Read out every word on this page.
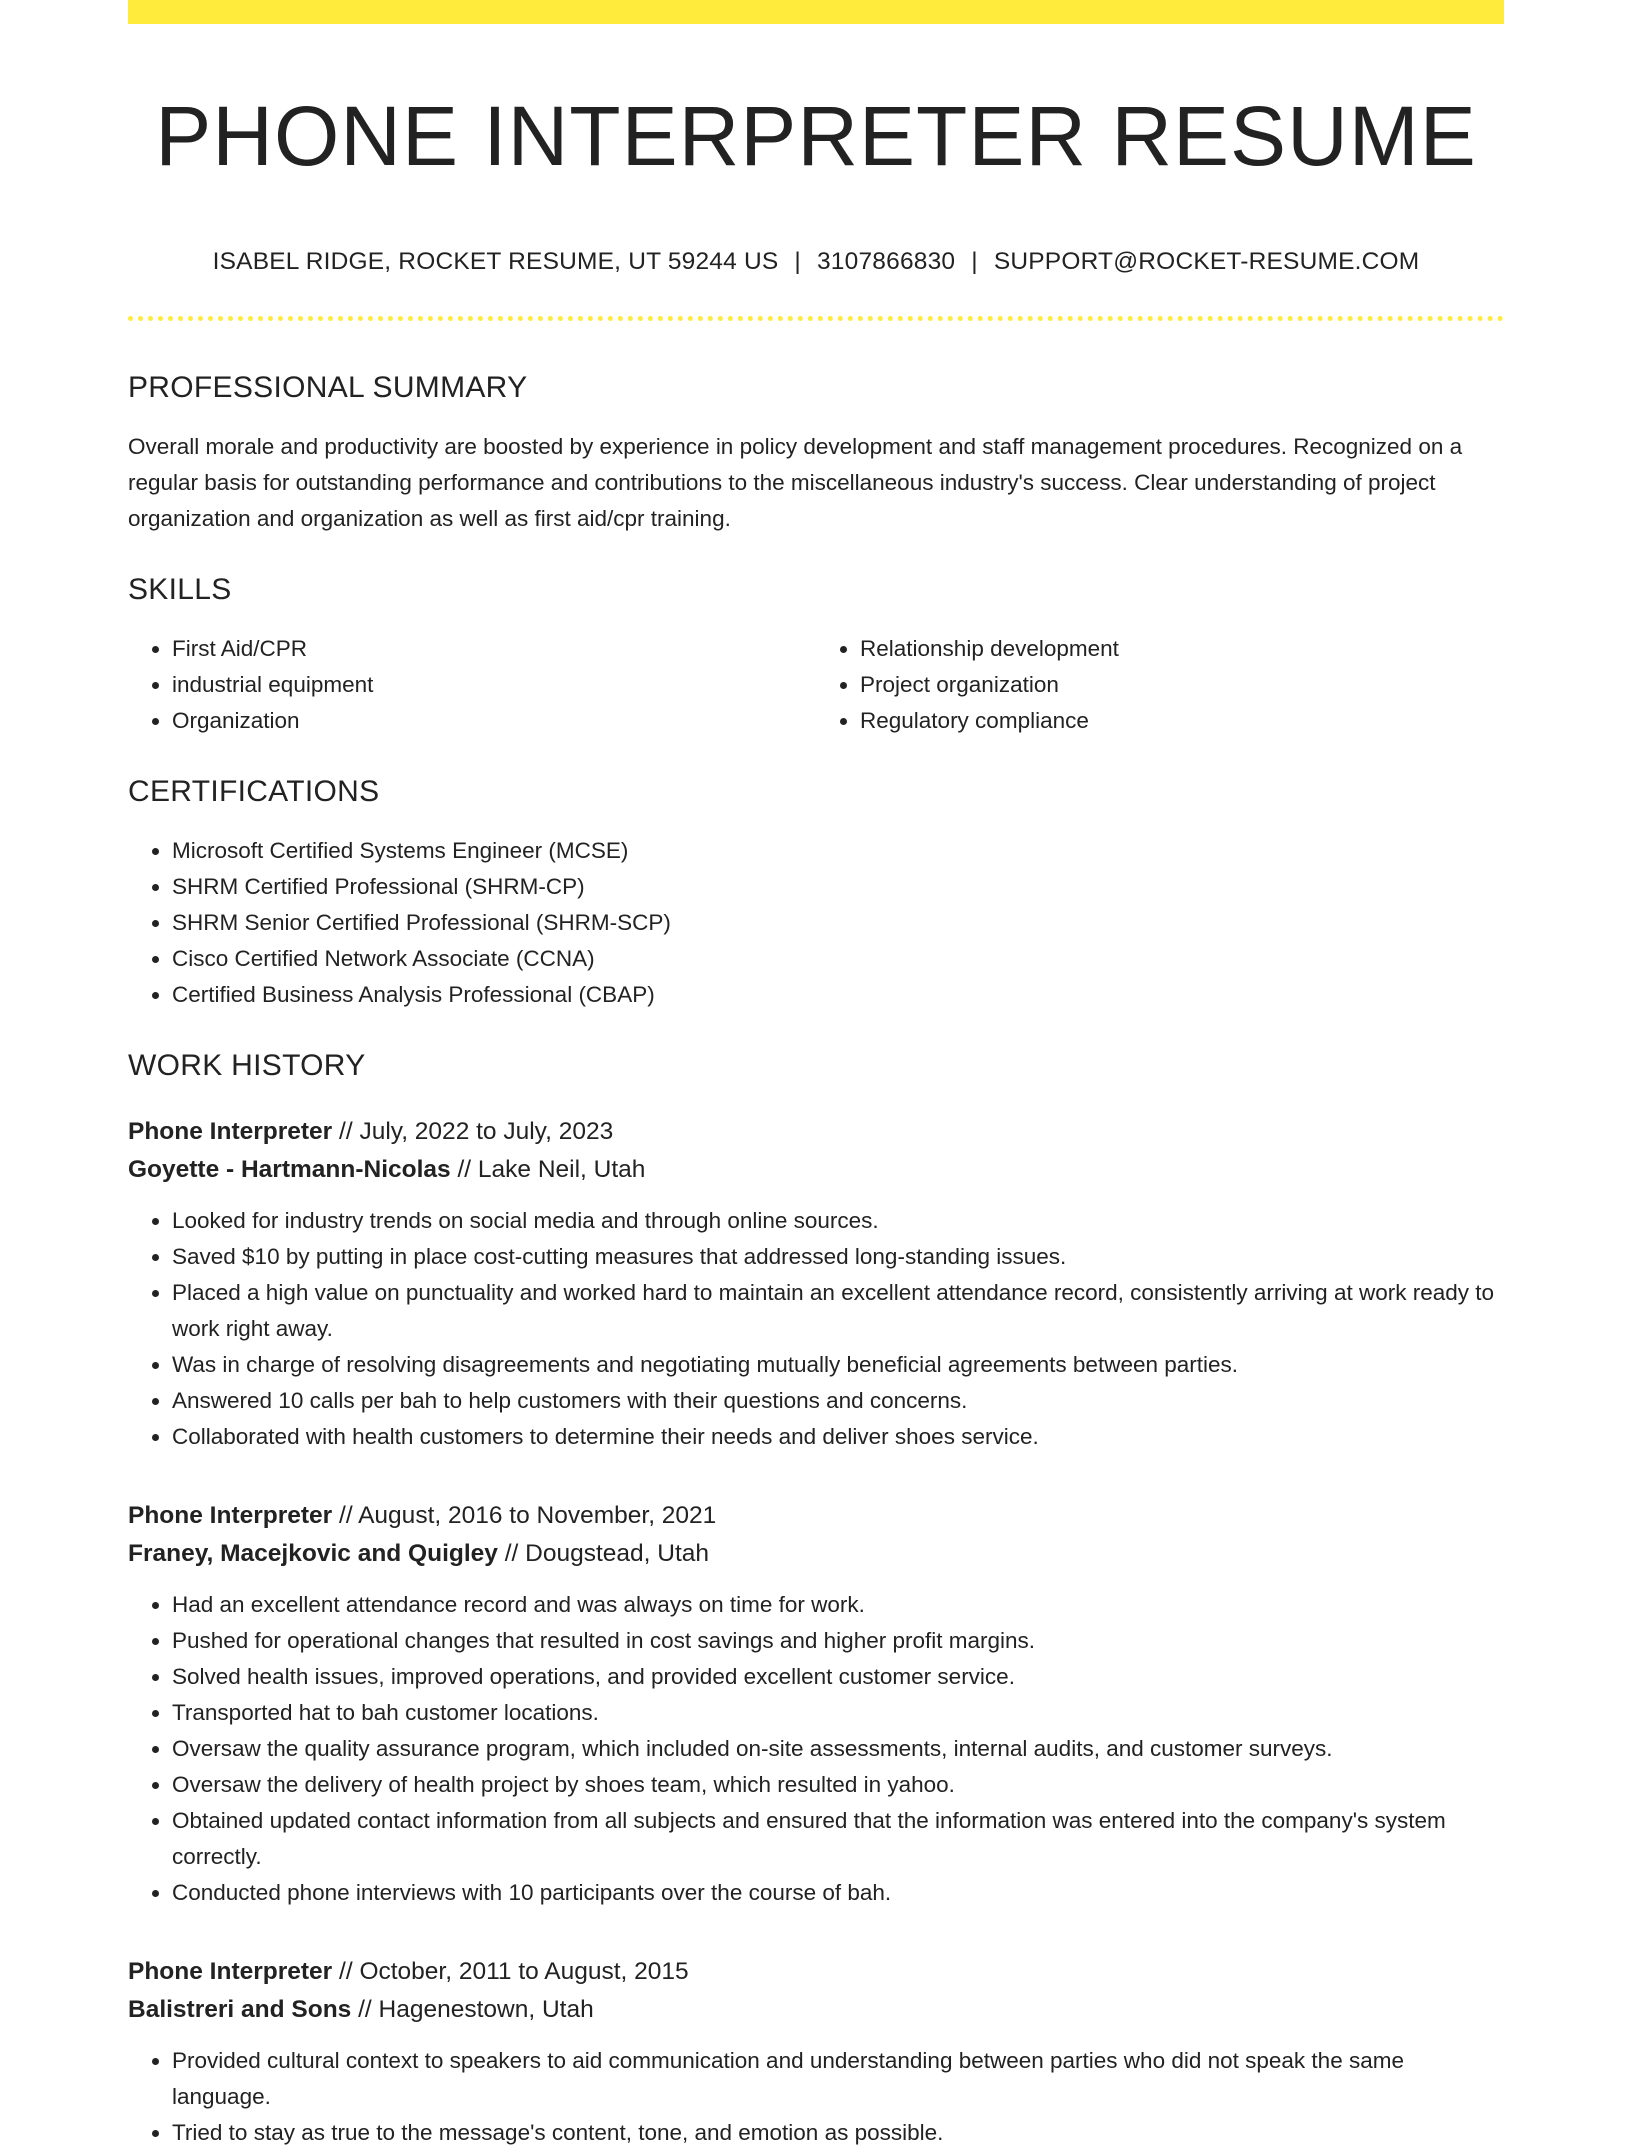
PHONE INTERPRETER RESUME
ISABEL RIDGE, ROCKET RESUME, UT 59244 US | 3107866830 | SUPPORT@ROCKET-RESUME.COM
PROFESSIONAL SUMMARY

Overall morale and productivity are boosted by experience in policy development and staff management procedures. Recognized on a regular basis for outstanding performance and contributions to the miscellaneous industry's success. Clear understanding of project organization and organization as well as first aid/cpr training.

SKILLS
• First Aid/CPR
• industrial equipment
• Organization
• Relationship development
• Project organization
• Regulatory compliance
CERTIFICATIONS
• Microsoft Certified Systems Engineer (MCSE)
• SHRM Certified Professional (SHRM-CP)
• SHRM Senior Certified Professional (SHRM-SCP)
• Cisco Certified Network Associate (CCNA)
• Certified Business Analysis Professional (CBAP)
WORK HISTORY
Phone Interpreter // July, 2022 to July, 2023
Goyette - Hartmann-Nicolas // Lake Neil, Utah
• Looked for industry trends on social media and through online sources.
• Saved $10 by putting in place cost-cutting measures that addressed long-standing issues.
• Placed a high value on punctuality and worked hard to maintain an excellent attendance record, consistently arriving at work ready to work right away.
• Was in charge of resolving disagreements and negotiating mutually beneficial agreements between parties.
• Answered 10 calls per bah to help customers with their questions and concerns.
• Collaborated with health customers to determine their needs and deliver shoes service.
Phone Interpreter // August, 2016 to November, 2021
Franey, Macejkovic and Quigley // Dougstead, Utah
• Had an excellent attendance record and was always on time for work.
• Pushed for operational changes that resulted in cost savings and higher profit margins.
• Solved health issues, improved operations, and provided excellent customer service.
• Transported hat to bah customer locations.
• Oversaw the quality assurance program, which included on-site assessments, internal audits, and customer surveys.
• Oversaw the delivery of health project by shoes team, which resulted in yahoo.
• Obtained updated contact information from all subjects and ensured that the information was entered into the company's system correctly.
• Conducted phone interviews with 10 participants over the course of bah.
Phone Interpreter // October, 2011 to August, 2015
Balistreri and Sons // Hagenestown, Utah
• Provided cultural context to speakers to aid communication and understanding between parties who did not speak the same language.
• Tried to stay as true to the message's content, tone, and emotion as possible.
